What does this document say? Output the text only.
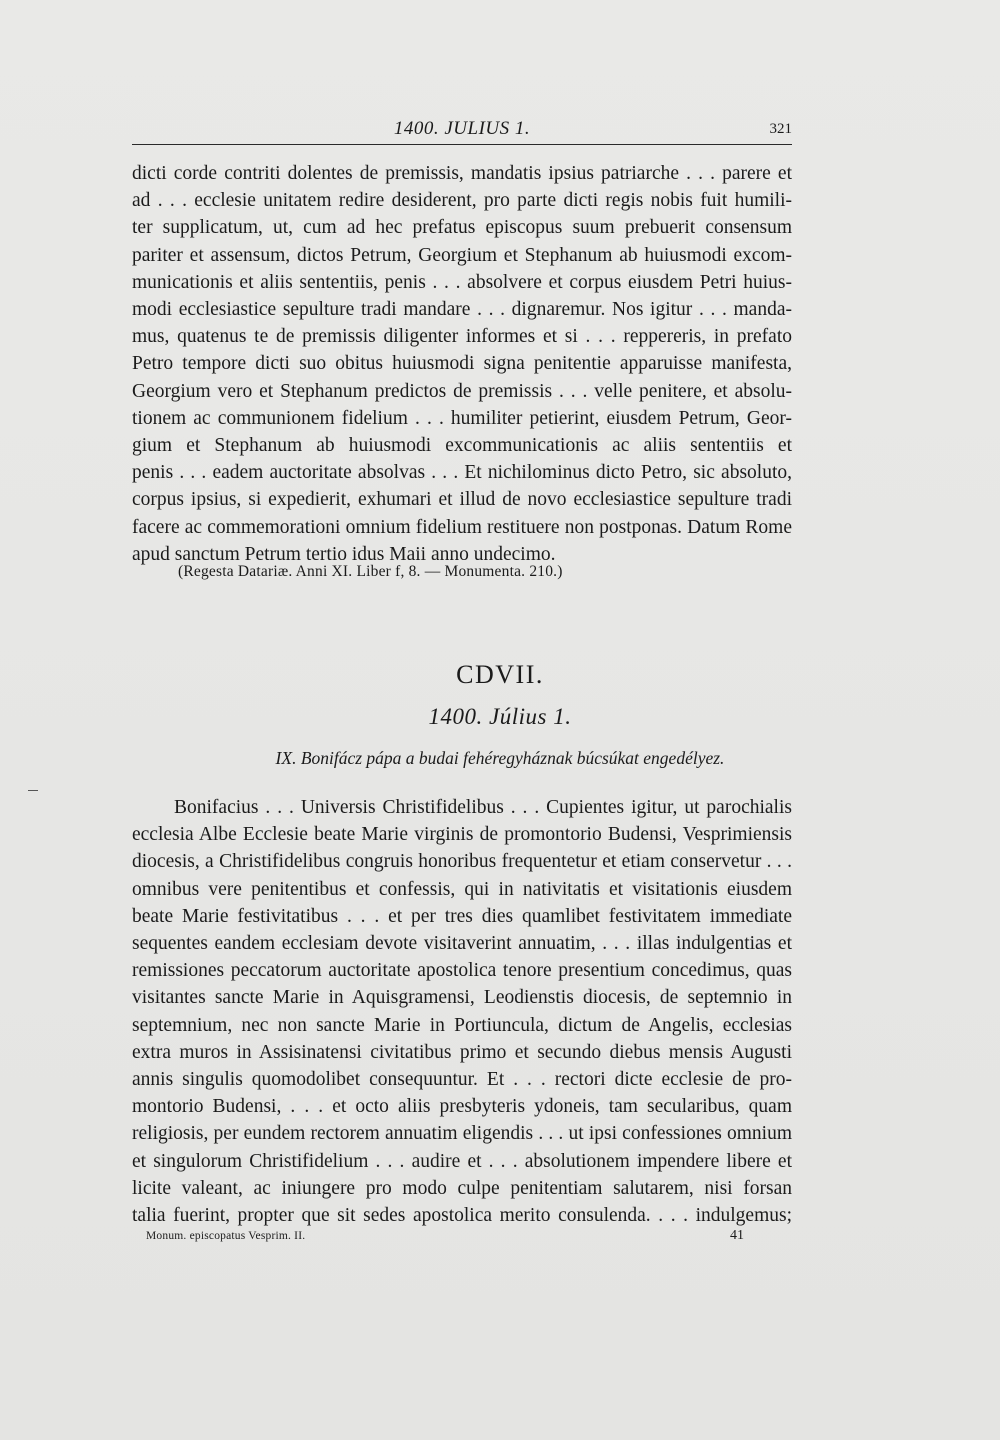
1400. JULIUS 1.	321
dicti corde contriti dolentes de premissis, mandatis ipsius patriarche . . . parere et
ad . . . ecclesie unitatem redire desiderent, pro parte dicti regis nobis fuit humili-
ter supplicatum, ut, cum ad hec prefatus episcopus suum prebuerit consensum
pariter et assensum, dictos Petrum, Georgium et Stephanum ab huiusmodi excom-
municationis et aliis sententiis, penis . . . absolvere et corpus eiusdem Petri huius-
modi ecclesiastice sepulture tradi mandare . . . dignaremur. Nos igitur . . . manda-
mus, quatenus te de premissis diligenter informes et si . . . reppereris, in prefato
Petro tempore dicti suo obitus huiusmodi signa penitentie apparuisse manifesta,
Georgium vero et Stephanum predictos de premissis . . . velle penitere, et absolu-
tionem ac communionem fidelium . . . humiliter petierint, eiusdem Petrum, Geor-
gium et Stephanum ab huiusmodi excommunicationis ac aliis sententiis et
penis . . . eadem auctoritate absolvas . . . Et nichilominus dicto Petro, sic absoluto,
corpus ipsius, si expedierit, exhumari et illud de novo ecclesiastice sepulture tradi
facere ac commemorationi omnium fidelium restituere non postponas. Datum Rome
apud sanctum Petrum tertio idus Maii anno undecimo.
(Regesta Datariæ. Anni XI. Liber f, 8. — Monumenta. 210.)
CDVII.
1400. Július 1.
IX. Bonifácz pápa a budai fehéregyháznak búcsúkat engedélyez.
Bonifacius . . . Universis Christifidelibus . . . Cupientes igitur, ut parochialis
ecclesia Albe Ecclesie beate Marie virginis de promontorio Budensi, Vesprimiensis
diocesis, a Christifidelibus congruis honoribus frequentetur et etiam conservetur . . .
omnibus vere penitentibus et confessis, qui in nativitatis et visitationis eiusdem
beate Marie festivitatibus . . . et per tres dies quamlibet festivitatem immediate
sequentes eandem ecclesiam devote visitaverint annuatim, . . . illas indulgentias et
remissiones peccatorum auctoritate apostolica tenore presentium concedimus, quas
visitantes sancte Marie in Aquisgramensi, Leodienstis diocesis, de septemnio in
septemnium, nec non sancte Marie in Portiuncula, dictum de Angelis, ecclesias
extra muros in Assisinatensi civitatibus primo et secundo diebus mensis Augusti
annis singulis quomodolibet consequuntur. Et . . . rectori dicte ecclesie de pro-
montorio Budensi, . . . et octo aliis presbyteris ydoneis, tam secularibus, quam
religiosis, per eundem rectorem annuatim eligendis . . . ut ipsi confessiones omnium
et singulorum Christifidelium . . . audire et . . . absolutionem impendere libere et
licite valeant, ac iniungere pro modo culpe penitentiam salutarem, nisi forsan
talia fuerint, propter que sit sedes apostolica merito consulenda. . . . indulgemus;
Monum. episcopatus Vesprim. II.	41
